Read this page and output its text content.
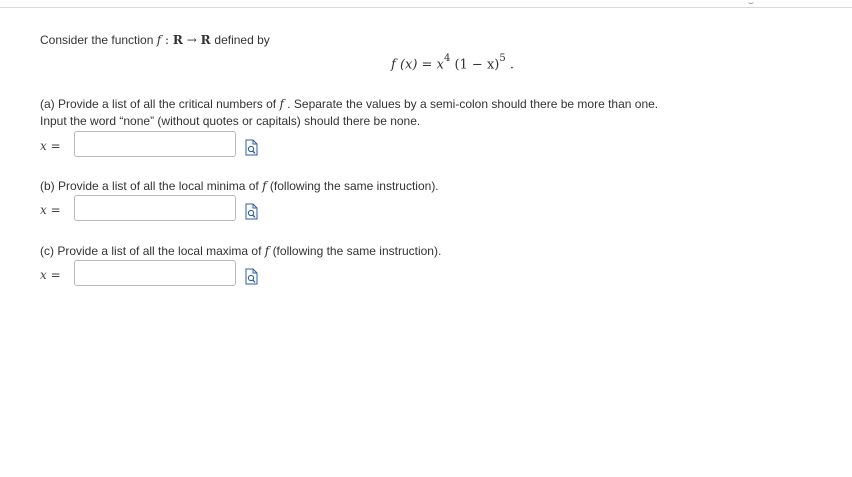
Consider the function f : R → R defined by
f $(x) = x^4$ $(1 - x)^5$ .
(a) Provide a list of all the critical numbers of f . Separate the values by a semi-colon should there be more than one.
Input the word “none” (without quotes or capitals) should there be none.
x =
(b) Provide a list of all the local minima of f (following the same instruction).
x =
(c) Provide a list of all the local maxima of f (following the same instruction).
x =
